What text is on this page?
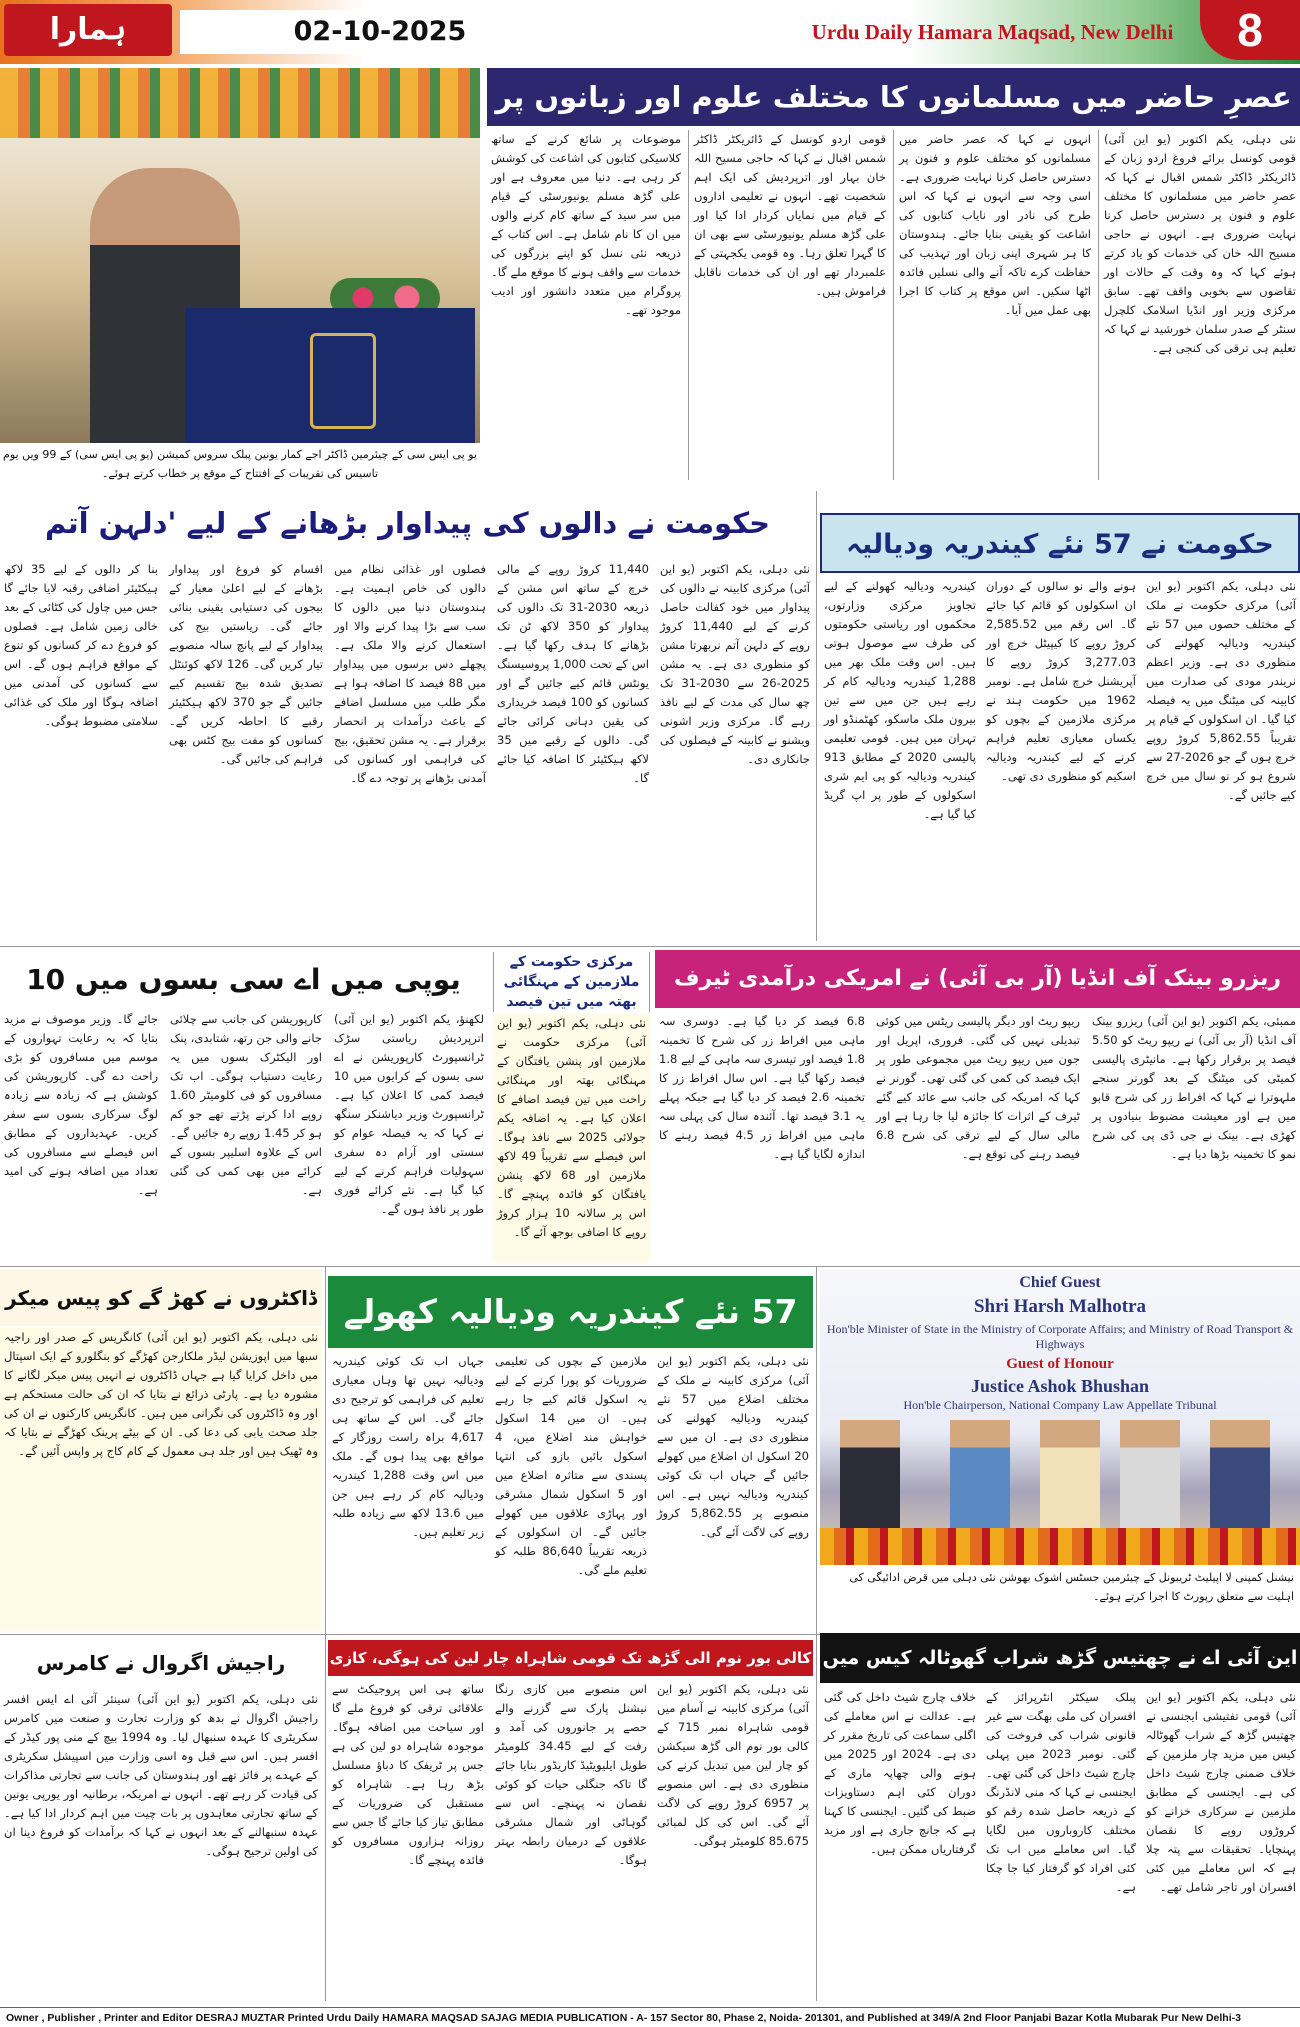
ہمارا	02-10-2025	Urdu Daily Hamara Maqsad, New Delhi	8
یو پی ایس سی کے چیئرمین ڈاکٹر اجے کمار یونین پبلک سروس کمیشن (یو پی ایس سی) کے 99 ویں یوم تاسیس کی تقریبات کے افتتاح کے موقع پر خطاب کرتے ہوئے۔
عصرِ حاضر میں مسلمانوں کا مختلف علوم اور زبانوں پر
نئی دہلی، یکم اکتوبر (یو این آئی) قومی کونسل برائے فروغ اردو زبان کے ڈائریکٹر ڈاکٹر شمس اقبال نے کہا کہ عصرِ حاضر میں مسلمانوں کا مختلف علوم و فنون پر دسترس حاصل کرنا نہایت ضروری ہے۔ انہوں نے حاجی مسیح اللہ خان کی خدمات کو یاد کرتے ہوئے کہا کہ وہ وقت کے حالات اور تقاضوں سے بخوبی واقف تھے۔ سابق مرکزی وزیر اور انڈیا اسلامک کلچرل سنٹر کے صدر سلمان خورشید نے کہا کہ تعلیم ہی ترقی کی کنجی ہے۔
انہوں نے کہا کہ عصر حاضر میں مسلمانوں کو مختلف علوم و فنون پر دسترس حاصل کرنا نہایت ضروری ہے۔ اسی وجہ سے انہوں نے کہا کہ اس طرح کی نادر اور نایاب کتابوں کی اشاعت کو یقینی بنایا جائے۔ ہندوستان کا ہر شہری اپنی زبان اور تہذیب کی حفاظت کرے تاکہ آنے والی نسلیں فائدہ اٹھا سکیں۔ اس موقع پر کتاب کا اجرا بھی عمل میں آیا۔
قومی اردو کونسل کے ڈائریکٹر ڈاکٹر شمس اقبال نے کہا کہ حاجی مسیح اللہ خان بہار اور اترپردیش کی ایک اہم شخصیت تھے۔ انہوں نے تعلیمی اداروں کے قیام میں نمایاں کردار ادا کیا اور علی گڑھ مسلم یونیورسٹی سے بھی ان کا گہرا تعلق رہا۔ وہ قومی یکجہتی کے علمبردار تھے اور ان کی خدمات ناقابل فراموش ہیں۔
موضوعات پر شائع کرنے کے ساتھ کلاسیکی کتابوں کی اشاعت کی کوشش کر رہی ہے۔ دنیا میں معروف ہے اور علی گڑھ مسلم یونیورسٹی کے قیام میں سر سید کے ساتھ کام کرنے والوں میں ان کا نام شامل ہے۔ اس کتاب کے ذریعہ نئی نسل کو اپنے بزرگوں کی خدمات سے واقف ہونے کا موقع ملے گا۔ پروگرام میں متعدد دانشور اور ادیب موجود تھے۔
حکومت نے 57 نئے کیندریہ ودیالیہ
نئی دہلی، یکم اکتوبر (یو این آئی) مرکزی حکومت نے ملک کے مختلف حصوں میں 57 نئے کیندریہ ودیالیہ کھولنے کی منظوری دی ہے۔ وزیر اعظم نریندر مودی کی صدارت میں کابینہ کی میٹنگ میں یہ فیصلہ کیا گیا۔ ان اسکولوں کے قیام پر تقریباً 5,862.55 کروڑ روپے خرچ ہوں گے جو 2026-27 سے شروع ہو کر نو سال میں خرچ کیے جائیں گے۔
ہونے والے نو سالوں کے دوران ان اسکولوں کو قائم کیا جائے گا۔ اس رقم میں 2,585.52 کروڑ روپے کا کیپیٹل خرچ اور 3,277.03 کروڑ روپے کا آپریشنل خرچ شامل ہے۔ نومبر 1962 میں حکومت ہند نے مرکزی ملازمین کے بچوں کو یکساں معیاری تعلیم فراہم کرنے کے لیے کیندریہ ودیالیہ اسکیم کو منظوری دی تھی۔
کیندریہ ودیالیہ کھولنے کے لیے تجاویز مرکزی وزارتوں، محکموں اور ریاستی حکومتوں کی طرف سے موصول ہوتی ہیں۔ اس وقت ملک بھر میں 1,288 کیندریہ ودیالیہ کام کر رہے ہیں جن میں سے تین بیرون ملک ماسکو، کھٹمنڈو اور تہران میں ہیں۔ قومی تعلیمی پالیسی 2020 کے مطابق 913 کیندریہ ودیالیہ کو پی ایم شری اسکولوں کے طور پر اپ گریڈ کیا گیا ہے۔
حکومت نے دالوں کی پیداوار بڑھانے کے لیے 'دلہن آتم
نئی دہلی، یکم اکتوبر (یو این آئی) مرکزی کابینہ نے دالوں کی پیداوار میں خود کفالت حاصل کرنے کے لیے 11,440 کروڑ روپے کے دلہن آتم نربھرتا مشن کو منظوری دی ہے۔ یہ مشن 2025-26 سے 2030-31 تک چھ سال کی مدت کے لیے نافذ رہے گا۔ مرکزی وزیر اشونی ویشنو نے کابینہ کے فیصلوں کی جانکاری دی۔
11,440 کروڑ روپے کے مالی خرچ کے ساتھ اس مشن کے ذریعہ 2030-31 تک دالوں کی پیداوار کو 350 لاکھ ٹن تک بڑھانے کا ہدف رکھا گیا ہے۔ اس کے تحت 1,000 پروسیسنگ یونٹس قائم کیے جائیں گے اور کسانوں کو 100 فیصد خریداری کی یقین دہانی کرائی جائے گی۔ دالوں کے رقبے میں 35 لاکھ ہیکٹیئر کا اضافہ کیا جائے گا۔
فصلوں اور غذائی نظام میں دالوں کی خاص اہمیت ہے۔ ہندوستان دنیا میں دالوں کا سب سے بڑا پیدا کرنے والا اور استعمال کرنے والا ملک ہے۔ پچھلے دس برسوں میں پیداوار میں 88 فیصد کا اضافہ ہوا ہے مگر طلب میں مسلسل اضافے کے باعث درآمدات پر انحصار برقرار ہے۔ یہ مشن تحقیق، بیج کی فراہمی اور کسانوں کی آمدنی بڑھانے پر توجہ دے گا۔
اقسام کو فروغ اور پیداوار بڑھانے کے لیے اعلیٰ معیار کے بیجوں کی دستیابی یقینی بنائی جائے گی۔ ریاستیں بیج کی پیداوار کے لیے پانچ سالہ منصوبے تیار کریں گی۔ 126 لاکھ کوئنٹل تصدیق شدہ بیج تقسیم کیے جائیں گے جو 370 لاکھ ہیکٹیئر رقبے کا احاطہ کریں گے۔ کسانوں کو مفت بیج کٹس بھی فراہم کی جائیں گی۔
بنا کر دالوں کے لیے 35 لاکھ ہیکٹیئر اضافی رقبہ لایا جائے گا جس میں چاول کی کٹائی کے بعد خالی زمین شامل ہے۔ فصلوں کو فروغ دے کر کسانوں کو تنوع کے مواقع فراہم ہوں گے۔ اس سے کسانوں کی آمدنی میں اضافہ ہوگا اور ملک کی غذائی سلامتی مضبوط ہوگی۔
ریزرو بینک آف انڈیا (آر بی آئی) نے امریکی درآمدی ٹیرف
ممبئی، یکم اکتوبر (یو این آئی) ریزرو بینک آف انڈیا (آر بی آئی) نے ریپو ریٹ کو 5.50 فیصد پر برقرار رکھا ہے۔ مانیٹری پالیسی کمیٹی کی میٹنگ کے بعد گورنر سنجے ملہوترا نے کہا کہ افراط زر کی شرح قابو میں ہے اور معیشت مضبوط بنیادوں پر کھڑی ہے۔ بینک نے جی ڈی پی کی شرح نمو کا تخمینہ بڑھا دیا ہے۔
ریپو ریٹ اور دیگر پالیسی ریٹس میں کوئی تبدیلی نہیں کی گئی۔ فروری، اپریل اور جون میں ریپو ریٹ میں مجموعی طور پر ایک فیصد کی کمی کی گئی تھی۔ گورنر نے کہا کہ امریکہ کی جانب سے عائد کیے گئے ٹیرف کے اثرات کا جائزہ لیا جا رہا ہے اور مالی سال کے لیے ترقی کی شرح 6.8 فیصد رہنے کی توقع ہے۔
6.8 فیصد کر دیا گیا ہے۔ دوسری سہ ماہی میں افراط زر کی شرح کا تخمینہ 1.8 فیصد اور تیسری سہ ماہی کے لیے 1.8 فیصد رکھا گیا ہے۔ اس سال افراط زر کا تخمینہ 2.6 فیصد کر دیا گیا ہے جبکہ پہلے یہ 3.1 فیصد تھا۔ آئندہ سال کی پہلی سہ ماہی میں افراط زر 4.5 فیصد رہنے کا اندازہ لگایا گیا ہے۔
مرکزی حکومت کے ملازمین کے مہنگائی بھتہ میں تین فیصد
نئی دہلی، یکم اکتوبر (یو این آئی) مرکزی حکومت نے ملازمین اور پنشن یافتگان کے مہنگائی بھتہ اور مہنگائی راحت میں تین فیصد اضافے کا اعلان کیا ہے۔ یہ اضافہ یکم جولائی 2025 سے نافذ ہوگا۔ اس فیصلے سے تقریباً 49 لاکھ ملازمین اور 68 لاکھ پنشن یافتگان کو فائدہ پہنچے گا۔ اس پر سالانہ 10 ہزار کروڑ روپے کا اضافی بوجھ آئے گا۔
یوپی میں اے سی بسوں میں 10
لکھنؤ، یکم اکتوبر (یو این آئی) اترپردیش ریاستی سڑک ٹرانسپورٹ کارپوریشن نے اے سی بسوں کے کرایوں میں 10 فیصد کمی کا اعلان کیا ہے۔ ٹرانسپورٹ وزیر دیاشنکر سنگھ نے کہا کہ یہ فیصلہ عوام کو سستی اور آرام دہ سفری سہولیات فراہم کرنے کے لیے کیا گیا ہے۔ نئے کرائے فوری طور پر نافذ ہوں گے۔
کارپوریشن کی جانب سے چلائی جانے والی جن رتھ، شتابدی، پنک اور الیکٹرک بسوں میں یہ رعایت دستیاب ہوگی۔ اب تک مسافروں کو فی کلومیٹر 1.60 روپے ادا کرنے پڑتے تھے جو کم ہو کر 1.45 روپے رہ جائیں گے۔ اس کے علاوہ اسلیپر بسوں کے کرائے میں بھی کمی کی گئی ہے۔
جائے گا۔ وزیر موصوف نے مزید بتایا کہ یہ رعایت تہواروں کے موسم میں مسافروں کو بڑی راحت دے گی۔ کارپوریشن کی کوشش ہے کہ زیادہ سے زیادہ لوگ سرکاری بسوں سے سفر کریں۔ عہدیداروں کے مطابق اس فیصلے سے مسافروں کی تعداد میں اضافہ ہونے کی امید ہے۔
ڈاکٹروں نے کھڑ گے کو پیس میکر
نئی دہلی، یکم اکتوبر (یو این آئی) کانگریس کے صدر اور راجیہ سبھا میں اپوزیشن لیڈر ملکارجن کھڑگے کو بنگلورو کے ایک اسپتال میں داخل کرایا گیا ہے جہاں ڈاکٹروں نے انہیں پیس میکر لگانے کا مشورہ دیا ہے۔ پارٹی ذرائع نے بتایا کہ ان کی حالت مستحکم ہے اور وہ ڈاکٹروں کی نگرانی میں ہیں۔ کانگریس کارکنوں نے ان کی جلد صحت یابی کی دعا کی۔ ان کے بیٹے پرینک کھڑگے نے بتایا کہ وہ ٹھیک ہیں اور جلد ہی معمول کے کام کاج پر واپس آئیں گے۔
57 نئے کیندریہ ودیالیہ کھولے
نئی دہلی، یکم اکتوبر (یو این آئی) مرکزی کابینہ نے ملک کے مختلف اضلاع میں 57 نئے کیندریہ ودیالیہ کھولنے کی منظوری دی ہے۔ ان میں سے 20 اسکول ان اضلاع میں کھولے جائیں گے جہاں اب تک کوئی کیندریہ ودیالیہ نہیں ہے۔ اس منصوبے پر 5,862.55 کروڑ روپے کی لاگت آئے گی۔
ملازمین کے بچوں کی تعلیمی ضروریات کو پورا کرنے کے لیے یہ اسکول قائم کیے جا رہے ہیں۔ ان میں 14 اسکول خواہش مند اضلاع میں، 4 اسکول بائیں بازو کی انتہا پسندی سے متاثرہ اضلاع میں اور 5 اسکول شمال مشرقی اور پہاڑی علاقوں میں کھولے جائیں گے۔ ان اسکولوں کے ذریعہ تقریباً 86,640 طلبہ کو تعلیم ملے گی۔
جہاں اب تک کوئی کیندریہ ودیالیہ نہیں تھا وہاں معیاری تعلیم کی فراہمی کو ترجیح دی جائے گی۔ اس کے ساتھ ہی 4,617 براہ راست روزگار کے مواقع بھی پیدا ہوں گے۔ ملک میں اس وقت 1,288 کیندریہ ودیالیہ کام کر رہے ہیں جن میں 13.6 لاکھ سے زیادہ طلبہ زیر تعلیم ہیں۔
Chief Guest
Shri Harsh Malhotra
Hon'ble Minister of State in the Ministry of Corporate Affairs; and Ministry of Road Transport & Highways
Guest of Honour
Justice Ashok Bhushan
Hon'ble Chairperson, National Company Law Appellate Tribunal
نیشنل کمپنی لا اپیلیٹ ٹریبونل کے چیئرمین جسٹس اشوک بھوشن نئی دہلی میں قرض ادائیگی کی اہلیت سے متعلق رپورٹ کا اجرا کرتے ہوئے۔
راجیش اگروال نے کامرس
نئی دہلی، یکم اکتوبر (یو این آئی) سینئر آئی اے ایس افسر راجیش اگروال نے بدھ کو وزارت تجارت و صنعت میں کامرس سکریٹری کا عہدہ سنبھال لیا۔ وہ 1994 بیچ کے منی پور کیڈر کے افسر ہیں۔ اس سے قبل وہ اسی وزارت میں اسپیشل سکریٹری کے عہدے پر فائز تھے اور ہندوستان کی جانب سے تجارتی مذاکرات کی قیادت کر رہے تھے۔ انہوں نے امریکہ، برطانیہ اور یورپی یونین کے ساتھ تجارتی معاہدوں پر بات چیت میں اہم کردار ادا کیا ہے۔ عہدہ سنبھالنے کے بعد انہوں نے کہا کہ برآمدات کو فروغ دینا ان کی اولین ترجیح ہوگی۔
کالی بور نوم الی گڑھ تک قومی شاہراہ چار لین کی ہوگی، کازی
نئی دہلی، یکم اکتوبر (یو این آئی) مرکزی کابینہ نے آسام میں قومی شاہراہ نمبر 715 کے کالی بور نوم الی گڑھ سیکشن کو چار لین میں تبدیل کرنے کی منظوری دی ہے۔ اس منصوبے پر 6957 کروڑ روپے کی لاگت آئے گی۔ اس کی کل لمبائی 85.675 کلومیٹر ہوگی۔
اس منصوبے میں کازی رنگا نیشنل پارک سے گزرنے والے حصے پر جانوروں کی آمد و رفت کے لیے 34.45 کلومیٹر طویل ایلیویٹیڈ کاریڈور بنایا جائے گا تاکہ جنگلی حیات کو کوئی نقصان نہ پہنچے۔ اس سے گوہاٹی اور شمال مشرقی علاقوں کے درمیان رابطہ بہتر ہوگا۔
ساتھ ہی اس پروجیکٹ سے علاقائی ترقی کو فروغ ملے گا اور سیاحت میں اضافہ ہوگا۔ موجودہ شاہراہ دو لین کی ہے جس پر ٹریفک کا دباؤ مسلسل بڑھ رہا ہے۔ شاہراہ کو مستقبل کی ضروریات کے مطابق تیار کیا جائے گا جس سے روزانہ ہزاروں مسافروں کو فائدہ پہنچے گا۔
این آئی اے نے چھتیس گڑھ شراب گھوٹالہ کیس میں
نئی دہلی، یکم اکتوبر (یو این آئی) قومی تفتیشی ایجنسی نے چھتیس گڑھ کے شراب گھوٹالہ کیس میں مزید چار ملزمین کے خلاف ضمنی چارج شیٹ داخل کی ہے۔ ایجنسی کے مطابق ملزمین نے سرکاری خزانے کو کروڑوں روپے کا نقصان پہنچایا۔ تحقیقات سے پتہ چلا ہے کہ اس معاملے میں کئی افسران اور تاجر شامل تھے۔
پبلک سیکٹر انٹرپرائز کے افسران کی ملی بھگت سے غیر قانونی شراب کی فروخت کی گئی۔ نومبر 2023 میں پہلی چارج شیٹ داخل کی گئی تھی۔ ایجنسی نے کہا کہ منی لانڈرنگ کے ذریعہ حاصل شدہ رقم کو مختلف کاروباروں میں لگایا گیا۔ اس معاملے میں اب تک کئی افراد کو گرفتار کیا جا چکا ہے۔
خلاف چارج شیٹ داخل کی گئی ہے۔ عدالت نے اس معاملے کی اگلی سماعت کی تاریخ مقرر کر دی ہے۔ 2024 اور 2025 میں ہونے والی چھاپہ ماری کے دوران کئی اہم دستاویزات ضبط کی گئیں۔ ایجنسی کا کہنا ہے کہ جانچ جاری ہے اور مزید گرفتاریاں ممکن ہیں۔
Owner , Publisher , Printer and Editor DESRAJ MUZTAR Printed Urdu Daily HAMARA MAQSAD SAJAG MEDIA PUBLICATION - A- 157 Sector 80, Phase 2, Noida- 201301, and Published at 349/A 2nd Floor Panjabi Bazar Kotla Mubarak Pur New Delhi-3
